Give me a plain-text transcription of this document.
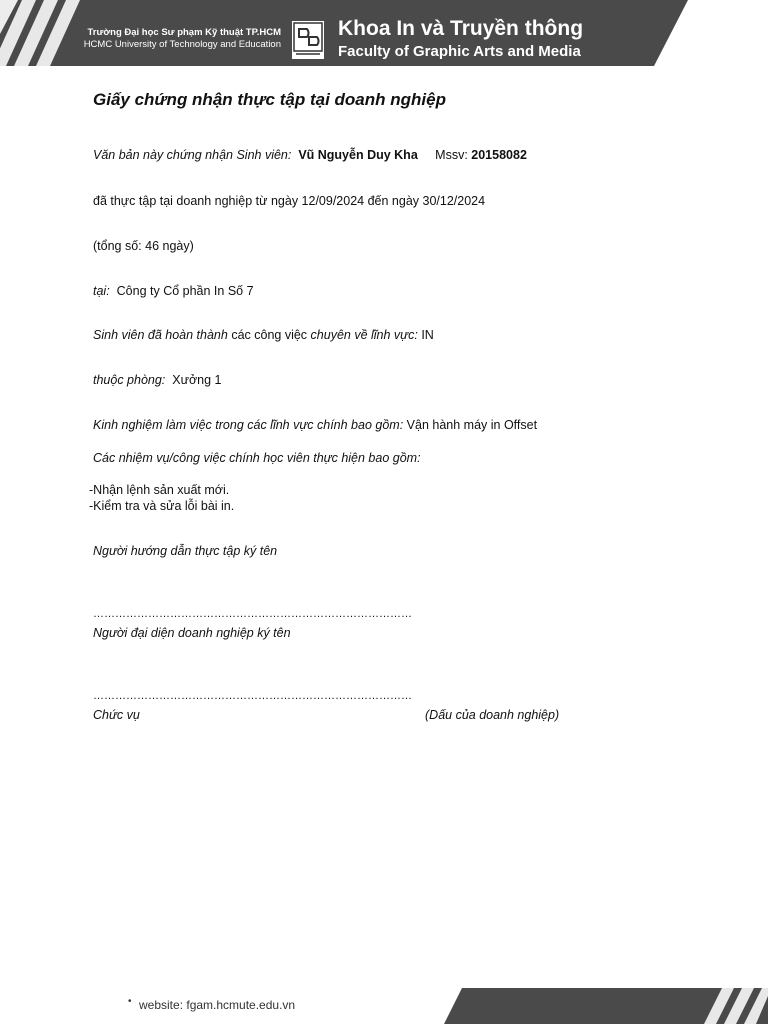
Trường Đại học Sư phạm Kỹ thuật TP.HCM
HCMC University of Technology and Education
Khoa In và Truyền thông
Faculty of Graphic Arts and Media
Giấy chứng nhận thực tập tại doanh nghiệp
Văn bản này chứng nhận Sinh viên: Vũ Nguyễn Duy Kha Mssv: 20158082
đã thực tập tại doanh nghiệp từ ngày 12/09/2024 đến ngày 30/12/2024
(tổng số: 46 ngày)
tại: Công ty Cổ phần In Số 7
Sinh viên đã hoàn thành các công việc chuyên về lĩnh vực: IN
thuộc phòng: Xưởng 1
Kinh nghiệm làm việc trong các lĩnh vực chính bao gồm: Vận hành máy in Offset
Các nhiệm vụ/công việc chính học viên thực hiện bao gồm:
-Nhận lệnh sản xuất mới.
-Kiểm tra và sửa lỗi bài in.
Người hướng dẫn thực tập ký tên
……………………………………………………………………………
Người đại diện doanh nghiệp ký tên
……………………………………………………………………………
Chức vụ	(Dấu của doanh nghiệp)
• website: fgam.hcmute.edu.vn
